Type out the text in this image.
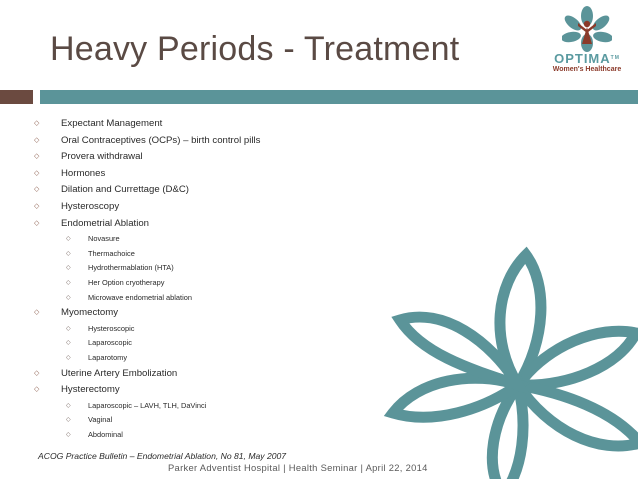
Heavy Periods - Treatment	OPTIMA™
Women's Healthcare
◇ Expectant Management
◇ Oral Contraceptives (OCPs) – birth control pills
◇ Provera withdrawal
◇ Hormones
◇ Dilation and Currettage (D&C)
◇ Hysteroscopy
◇ Endometrial Ablation
◇ Novasure
◇ Thermachoice
◇ Hydrothermablation (HTA)
◇ Her Option cryotherapy
◇ Microwave endometrial ablation
◇ Myomectomy
◇ Hysteroscopic
◇ Laparoscopic
◇ Laparotomy
◇ Uterine Artery Embolization
◇ Hysterectomy
◇ Laparoscopic – LAVH, TLH, DaVinci
◇ Vaginal
◇ Abdominal
ACOG Practice Bulletin – Endometrial Ablation, No 81, May 2007
Parker Adventist Hospital | Health Seminar | April 22, 2014
